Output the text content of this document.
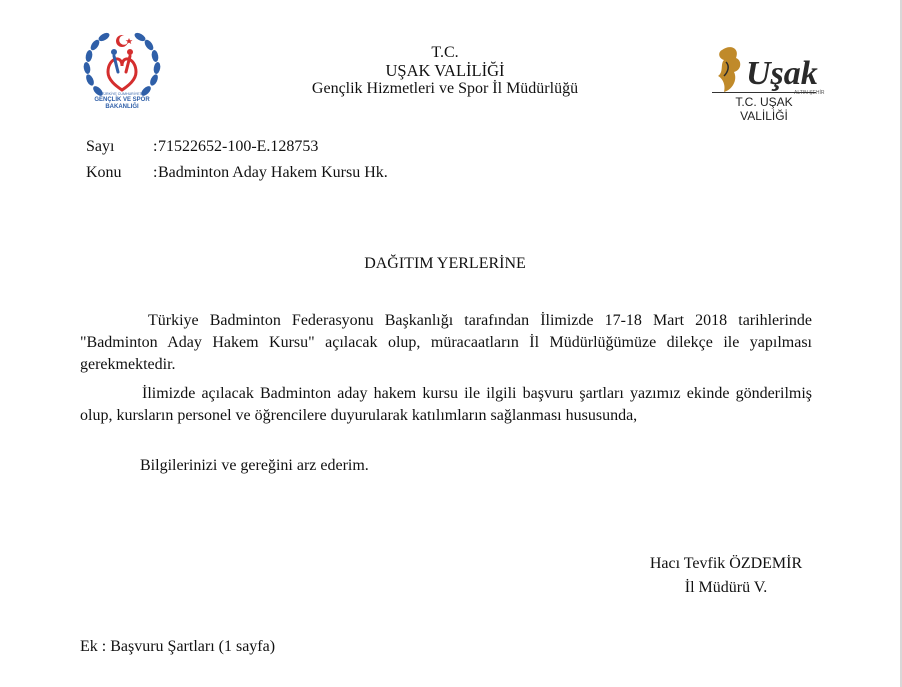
TÜRKİYE CUMHURİYETİ
GENÇLİK VE SPOR
BAKANLIĞI
T.C.
UŞAK VALİLİĞİ
Gençlik Hizmetleri ve Spor İl Müdürlüğü	Uşak
ALTIN ŞEHİR
T.C. UŞAK VALİLİĞİ
Sayı : 71522652-100-E.128753
Konu : Badminton Aday Hakem Kursu Hk.
DAĞITIM YERLERİNE
Türkiye Badminton Federasyonu Başkanlığı tarafından İlimizde 17-18 Mart 2018 tarihlerinde "Badminton Aday Hakem Kursu" açılacak olup, müracaatların İl Müdürlüğümüze dilekçe ile yapılması gerekmektedir.
İlimizde açılacak Badminton aday hakem kursu ile ilgili başvuru şartları yazımız ekinde gönderilmiş olup, kursların personel ve öğrencilere duyurularak katılımların sağlanması hususunda,
Bilgilerinizi ve gereğini arz ederim.
Hacı Tevfik ÖZDEMİR
İl Müdürü V.
Ek : Başvuru Şartları (1 sayfa)
